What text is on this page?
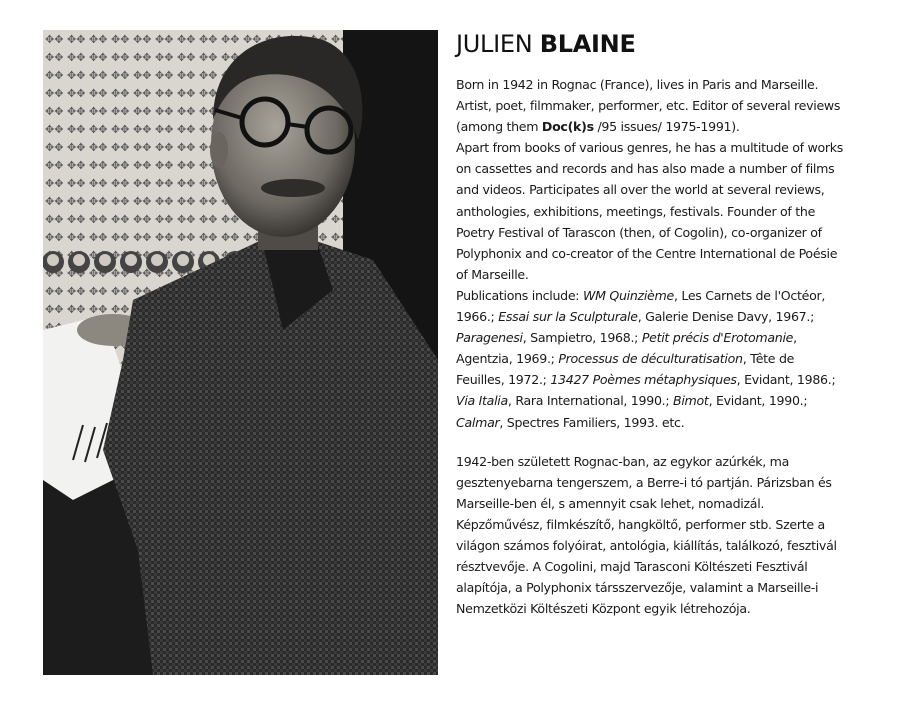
JULIEN BLAINE

Born in 1942 in Rognac (France), lives in Paris and Marseille.
Artist, poet, filmmaker, performer, etc. Editor of several reviews (among them Doc(k)s /95 issues/ 1975-1991).
Apart from books of various genres, he has a multitude of works on cassettes and records and has also made a number of films and videos. Participates all over the world at several reviews, anthologies, exhibitions, meetings, festivals. Founder of the Poetry Festival of Tarascon (then, of Cogolin), co-organizer of Polyphonix and co-creator of the Centre International de Poésie of Marseille.
Publications include: WM Quinzième, Les Carnets de l'Octéor, 1966.; Essai sur la Sculpturale, Galerie Denise Davy, 1967.; Paragenesi, Sampietro, 1968.; Petit précis d'Erotomanie, Agentzia, 1969.; Processus de déculturatisation, Tête de Feuilles, 1972.; 13427 Poèmes métaphysiques, Evidant, 1986.; Via Italia, Rara International, 1990.; Bimot, Evidant, 1990.; Calmar, Spectres Familiers, 1993. etc.

1942-ben született Rognac-ban, az egykor azúrkék, ma gesztenyebarna tengerszem, a Berre-i tó partján. Párizsban és Marseille-ben él, s amennyit csak lehet, nomadizál. Képzőművész, filmkészítő, hangköltő, performer stb. Szerte a világon számos folyóirat, antológia, kiállítás, találkozó, fesztivál résztvevője. A Cogolini, majd Tarasconi Költészeti Fesztivál alapítója, a Polyphonix társszervezője, valamint a Marseille-i Nemzetközi Költészeti Központ egyik létrehozója.
